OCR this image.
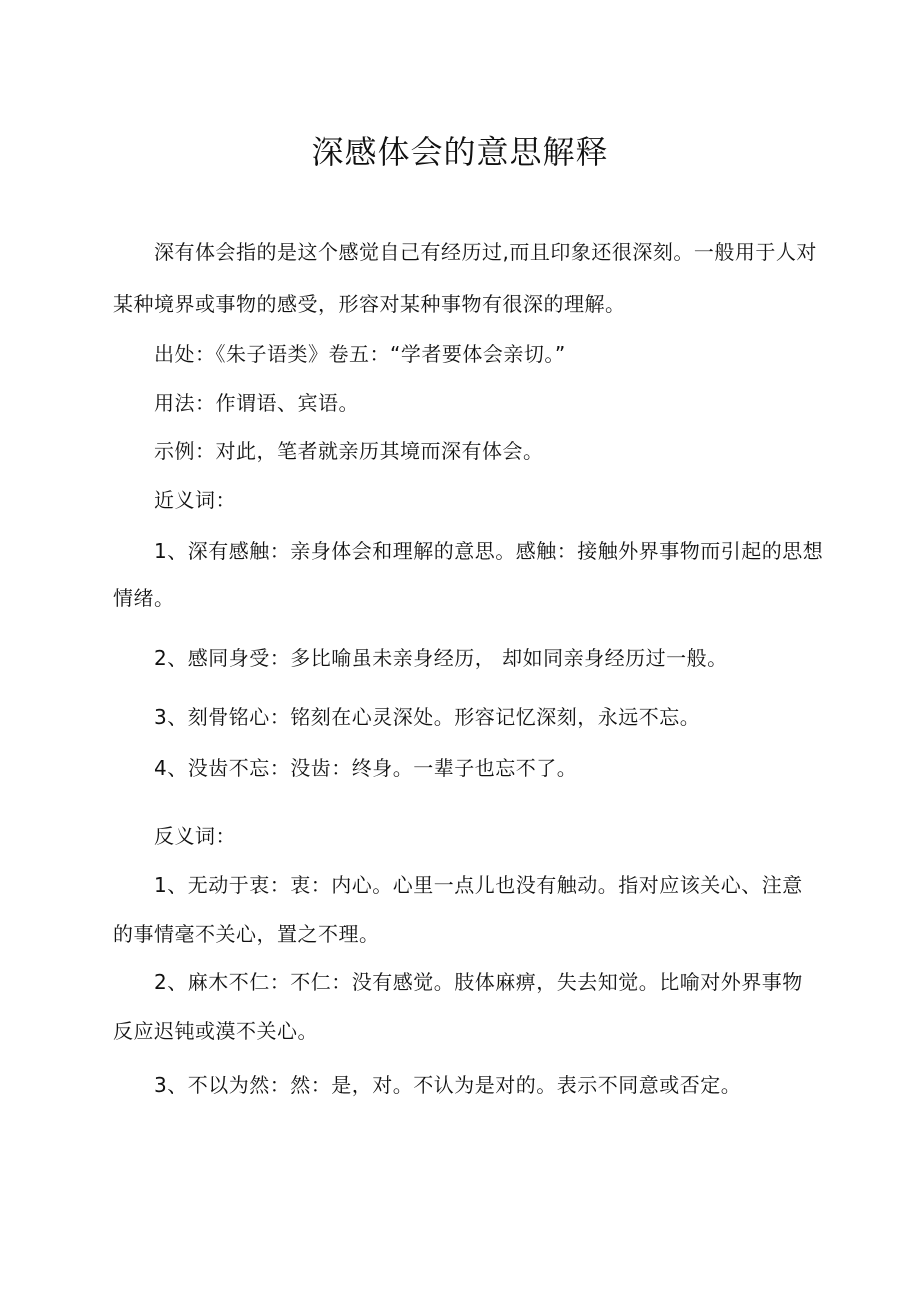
深感体会的意思解释
深有体会指的是这个感觉自己有经历过,而且印象还很深刻。一般用于人对
某种境界或事物的感受，形容对某种事物有很深的理解。
出处：《朱子语类》卷五：“学者要体会亲切。”
用法：作谓语、宾语。
示例：对此，笔者就亲历其境而深有体会。
近义词：
1、深有感触：亲身体会和理解的意思。感触：接触外界事物而引起的思想
情绪。
2、感同身受：多比喻虽未亲身经历， 却如同亲身经历过一般。
3、刻骨铭心：铭刻在心灵深处。形容记忆深刻，永远不忘。
4、没齿不忘：没齿：终身。一辈子也忘不了。
反义词：
1、无动于衷：衷：内心。心里一点儿也没有触动。指对应该关心、注意
的事情毫不关心，置之不理。
2、麻木不仁：不仁：没有感觉。肢体麻痹，失去知觉。比喻对外界事物
反应迟钝或漠不关心。
3、不以为然：然：是，对。不认为是对的。表示不同意或否定。
